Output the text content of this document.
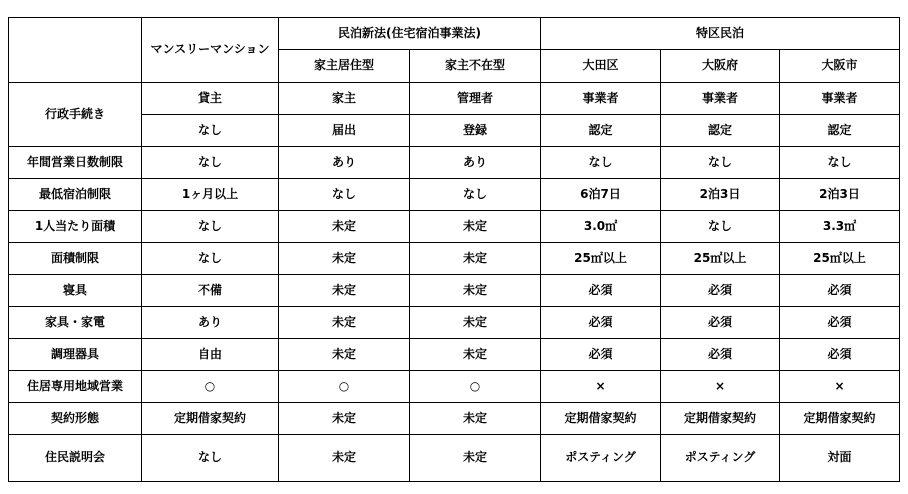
	マンスリーマンション	民泊新法(住宅宿泊事業法)		特区民泊		
		家主居住型	家主不在型	大田区	大阪府	大阪市
行政手続き	貸主	家主	管理者	事業者	事業者	事業者
	なし	届出	登録	認定	認定	認定
年間営業日数制限	なし	あり	あり	なし	なし	なし
最低宿泊制限	1ヶ月以上	なし	なし	6泊7日	2泊3日	2泊3日
1人当たり面積	なし	未定	未定	3.0㎡	なし	3.3㎡
面積制限	なし	未定	未定	25㎡以上	25㎡以上	25㎡以上
寝具	不備	未定	未定	必須	必須	必須
家具・家電	あり	未定	未定	必須	必須	必須
調理器具	自由	未定	未定	必須	必須	必須
住居専用地域営業	○	○	○	×	×	×
契約形態	定期借家契約	未定	未定	定期借家契約	定期借家契約	定期借家契約
住民説明会	なし	未定	未定	ポスティング	ポスティング	対面
